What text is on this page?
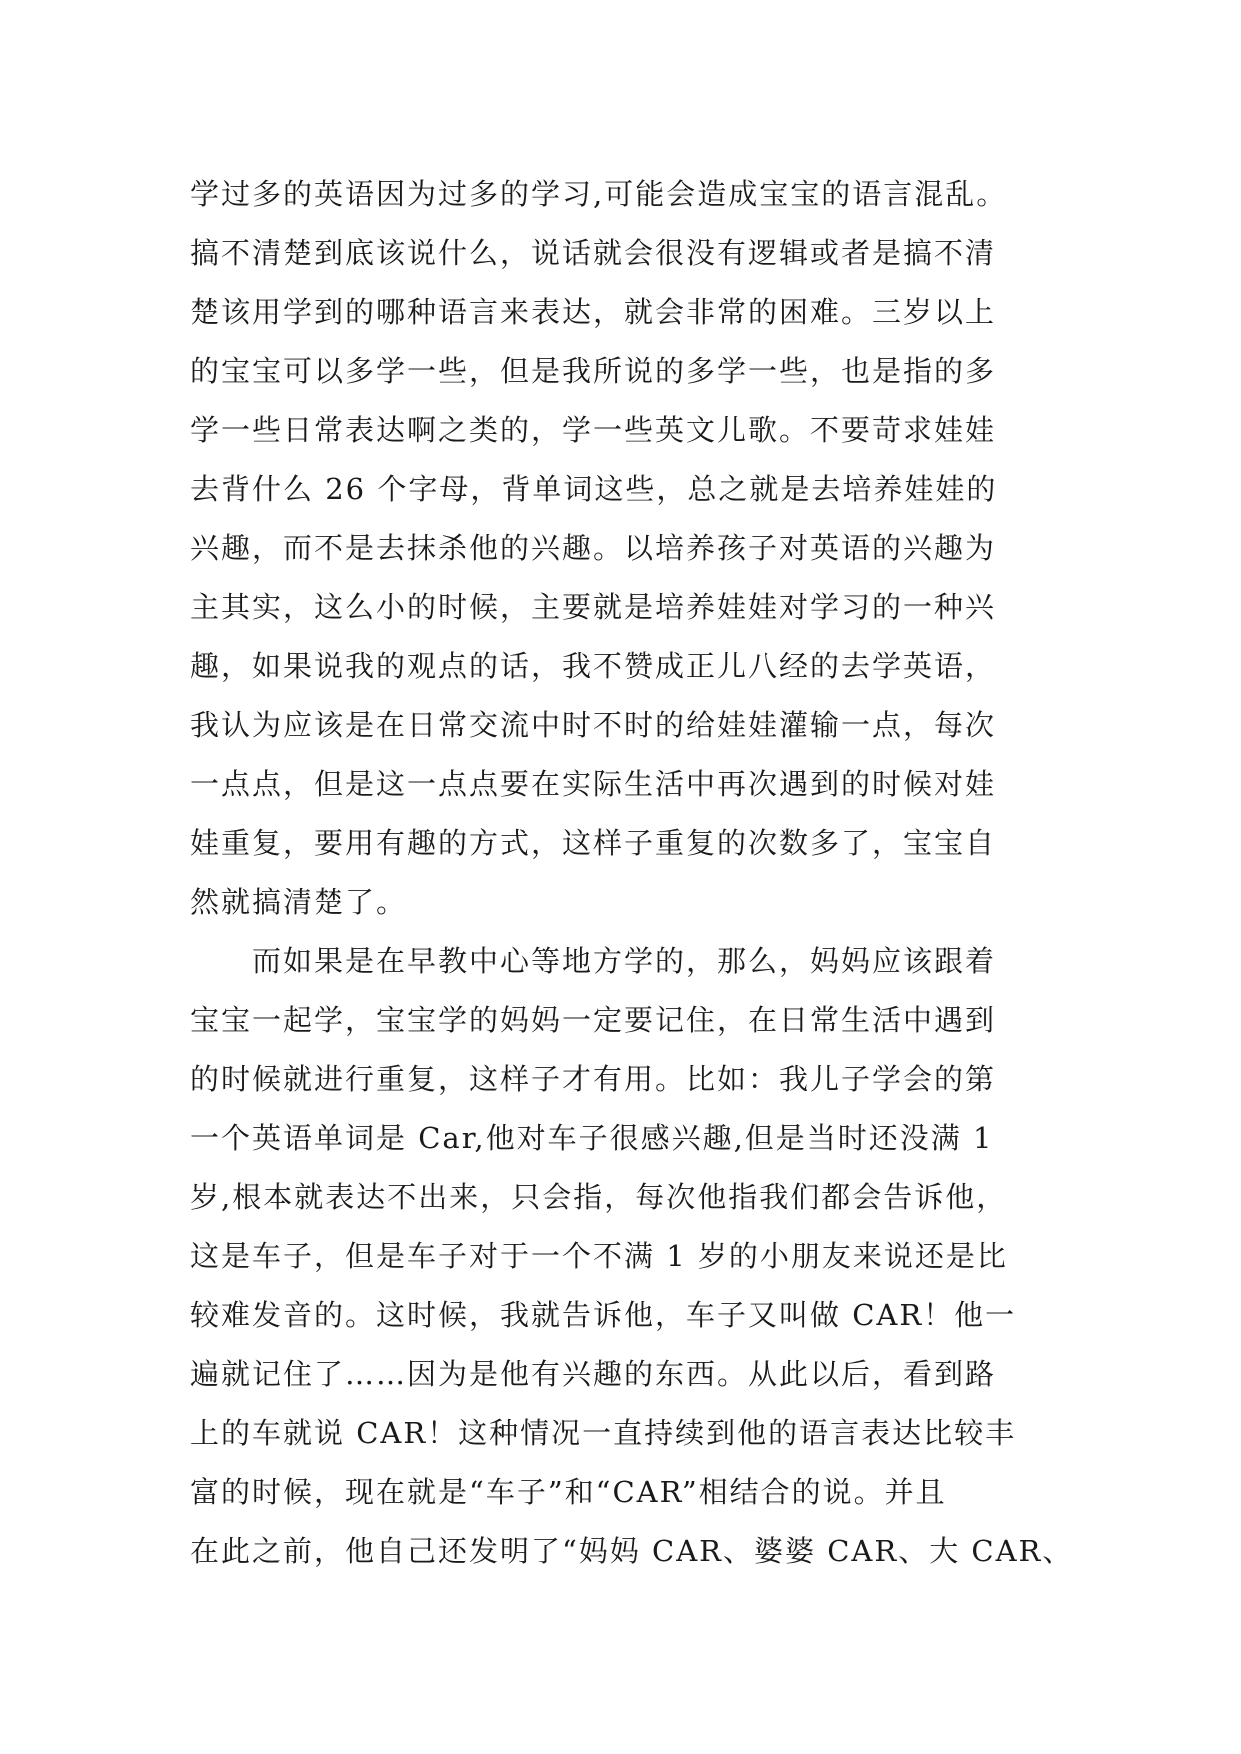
学过多的英语因为过多的学习,可能会造成宝宝的语言混乱。
搞不清楚到底该说什么，说话就会很没有逻辑或者是搞不清
楚该用学到的哪种语言来表达，就会非常的困难。三岁以上
的宝宝可以多学一些，但是我所说的多学一些，也是指的多
学一些日常表达啊之类的，学一些英文儿歌。不要苛求娃娃
去背什么 26 个字母，背单词这些，总之就是去培养娃娃的
兴趣，而不是去抹杀他的兴趣。以培养孩子对英语的兴趣为
主其实，这么小的时候，主要就是培养娃娃对学习的一种兴
趣，如果说我的观点的话，我不赞成正儿八经的去学英语，
我认为应该是在日常交流中时不时的给娃娃灌输一点，每次
一点点，但是这一点点要在实际生活中再次遇到的时候对娃
娃重复，要用有趣的方式，这样子重复的次数多了，宝宝自
然就搞清楚了。
　　而如果是在早教中心等地方学的，那么，妈妈应该跟着
宝宝一起学，宝宝学的妈妈一定要记住，在日常生活中遇到
的时候就进行重复，这样子才有用。比如：我儿子学会的第
一个英语单词是 Car,他对车子很感兴趣,但是当时还没满 1
岁,根本就表达不出来，只会指，每次他指我们都会告诉他，
这是车子，但是车子对于一个不满 1 岁的小朋友来说还是比
较难发音的。这时候，我就告诉他，车子又叫做 CAR！他一
遍就记住了……因为是他有兴趣的东西。从此以后，看到路
上的车就说 CAR！这种情况一直持续到他的语言表达比较丰
富的时候，现在就是“车子”和“CAR”相结合的说。并且
在此之前，他自己还发明了“妈妈 CAR、婆婆 CAR、大 CAR、
